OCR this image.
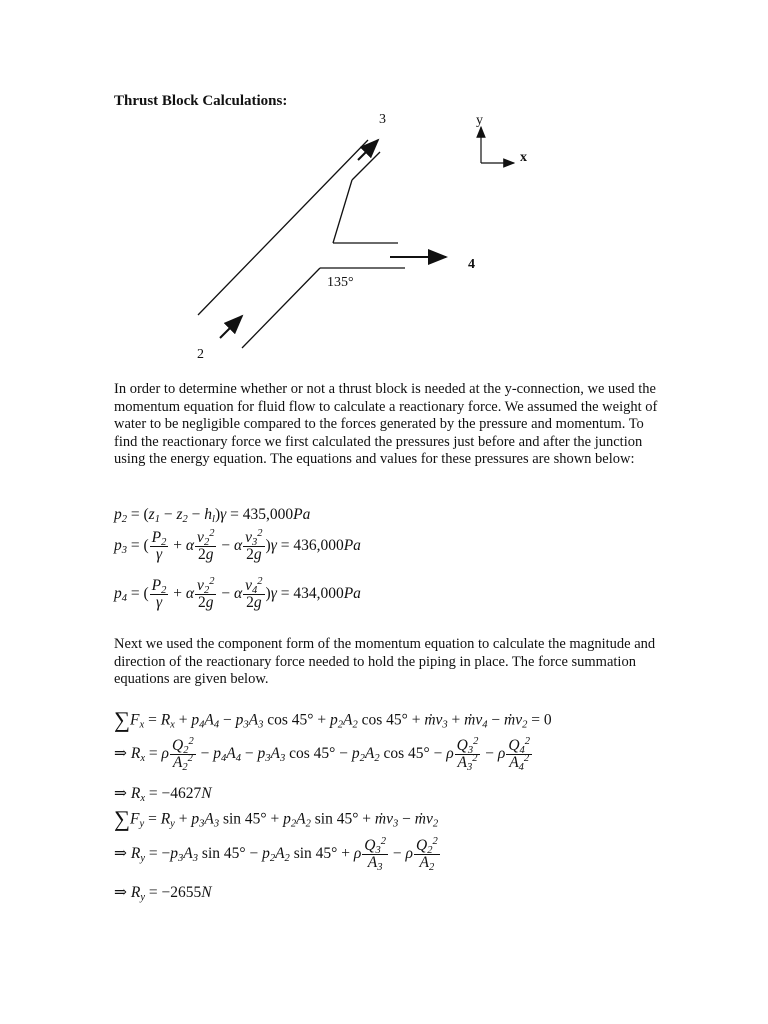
Thrust Block Calculations:
3	y
x
4
135°
2
In order to determine whether or not a thrust block is needed at the y-connection, we used the momentum equation for fluid flow to calculate a reactionary force. We assumed the weight of water to be negligible compared to the forces generated by the pressure and momentum. To find the reactionary force we first calculated the pressures just before and after the junction using the energy equation. The equations and values for these pressures are shown below:
$p_2 = (z_1 - z_2 - h_l)\gamma = 435,000Pa$
$p_3$ = ( $\frac{P_2}{\gamma} + \alpha \frac{v_2^2}{2g} - \alpha \frac{v_3^2}{2g} )\gamma = 436,000Pa$
$p_4$ = ( $\frac{P_2}{\gamma} + \alpha \frac{v_2^2}{2g} - \alpha \frac{v_4^2}{2g} )\gamma = 434,000Pa$
Next we used the component form of the momentum equation to calculate the magnitude and direction of the reactionary force needed to hold the piping in place. The force summation equations are given below.
$\sum F_x = R_x + p_4A_4 - p_3A_3$ $\cos 45^\circ + p_2A_2$ cos 45° + ṁv$_3$ + ṁv$_4$ − ṁv$_2$ = 0
⇒ $R_x = \rho \frac{Q_2^2}{A_2^2} - p_4A_4 - p_3A_3$ $\cos 45^\circ - p_2A_2$ cos 45° − ρ $\frac{Q_3^2}{A_3^2} - \rho \frac{Q_4^2}{A_4^2}$
⇒ $R_x = -4627N$
$\sum F_y = R_y + p_3A_3$ $\sin 45^\circ + p_2A_2$ sin 45° + ṁv$_3$ − ṁv$_2$
⇒ $R_y = -p_3A_3$ $\sin 45^\circ - p_2A_2$ sin 45° + ρ $\frac{Q_3^2}{A_3} - \rho \frac{Q_2^2}{A_2}$
⇒ $R_y = -2655N$
